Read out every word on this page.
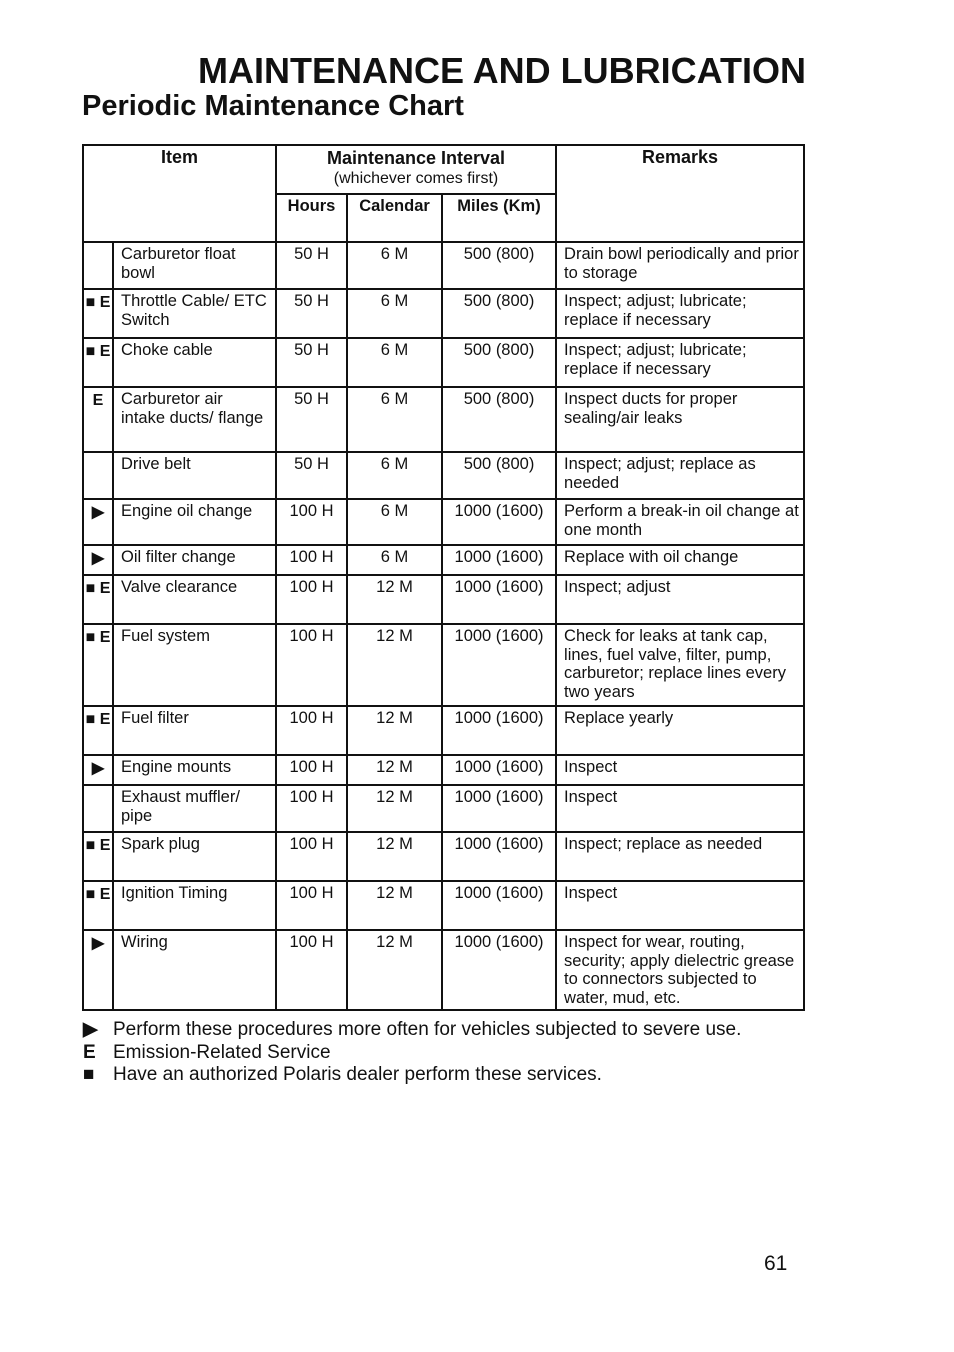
MAINTENANCE AND LUBRICATION
Periodic Maintenance Chart
Item		Maintenance Interval
(whichever comes first)			Remarks
		Hours	Calendar	Miles (Km)	
	Carburetor float bowl	50 H	6 M	500 (800)	Drain bowl periodically and prior to storage
■ E	Throttle Cable/ ETC Switch	50 H	6 M	500 (800)	Inspect; adjust; lubricate; replace if necessary
■ E	Choke cable	50 H	6 M	500 (800)	Inspect; adjust; lubricate; replace if necessary
E	Carburetor air intake ducts/ flange	50 H	6 M	500 (800)	Inspect ducts for proper sealing/air leaks
	Drive belt	50 H	6 M	500 (800)	Inspect; adjust; replace as needed
▶	Engine oil change	100 H	6 M	1000 (1600)	Perform a break-in oil change at one month
▶	Oil filter change	100 H	6 M	1000 (1600)	Replace with oil change
■ E	Valve clearance	100 H	12 M	1000 (1600)	Inspect; adjust
■ E	Fuel system	100 H	12 M	1000 (1600)	Check for leaks at tank cap, lines, fuel valve, filter, pump, carburetor; replace lines every two years
■ E	Fuel filter	100 H	12 M	1000 (1600)	Replace yearly
▶	Engine mounts	100 H	12 M	1000 (1600)	Inspect
	Exhaust muffler/ pipe	100 H	12 M	1000 (1600)	Inspect
■ E	Spark plug	100 H	12 M	1000 (1600)	Inspect; replace as needed
■ E	Ignition Timing	100 H	12 M	1000 (1600)	Inspect
▶	Wiring	100 H	12 M	1000 (1600)	Inspect for wear, routing, security; apply dielectric grease to connectors subjected to water, mud, etc.
▶ Perform these procedures more often for vehicles subjected to severe use.
E Emission-Related Service
■ Have an authorized Polaris dealer perform these services.
61
